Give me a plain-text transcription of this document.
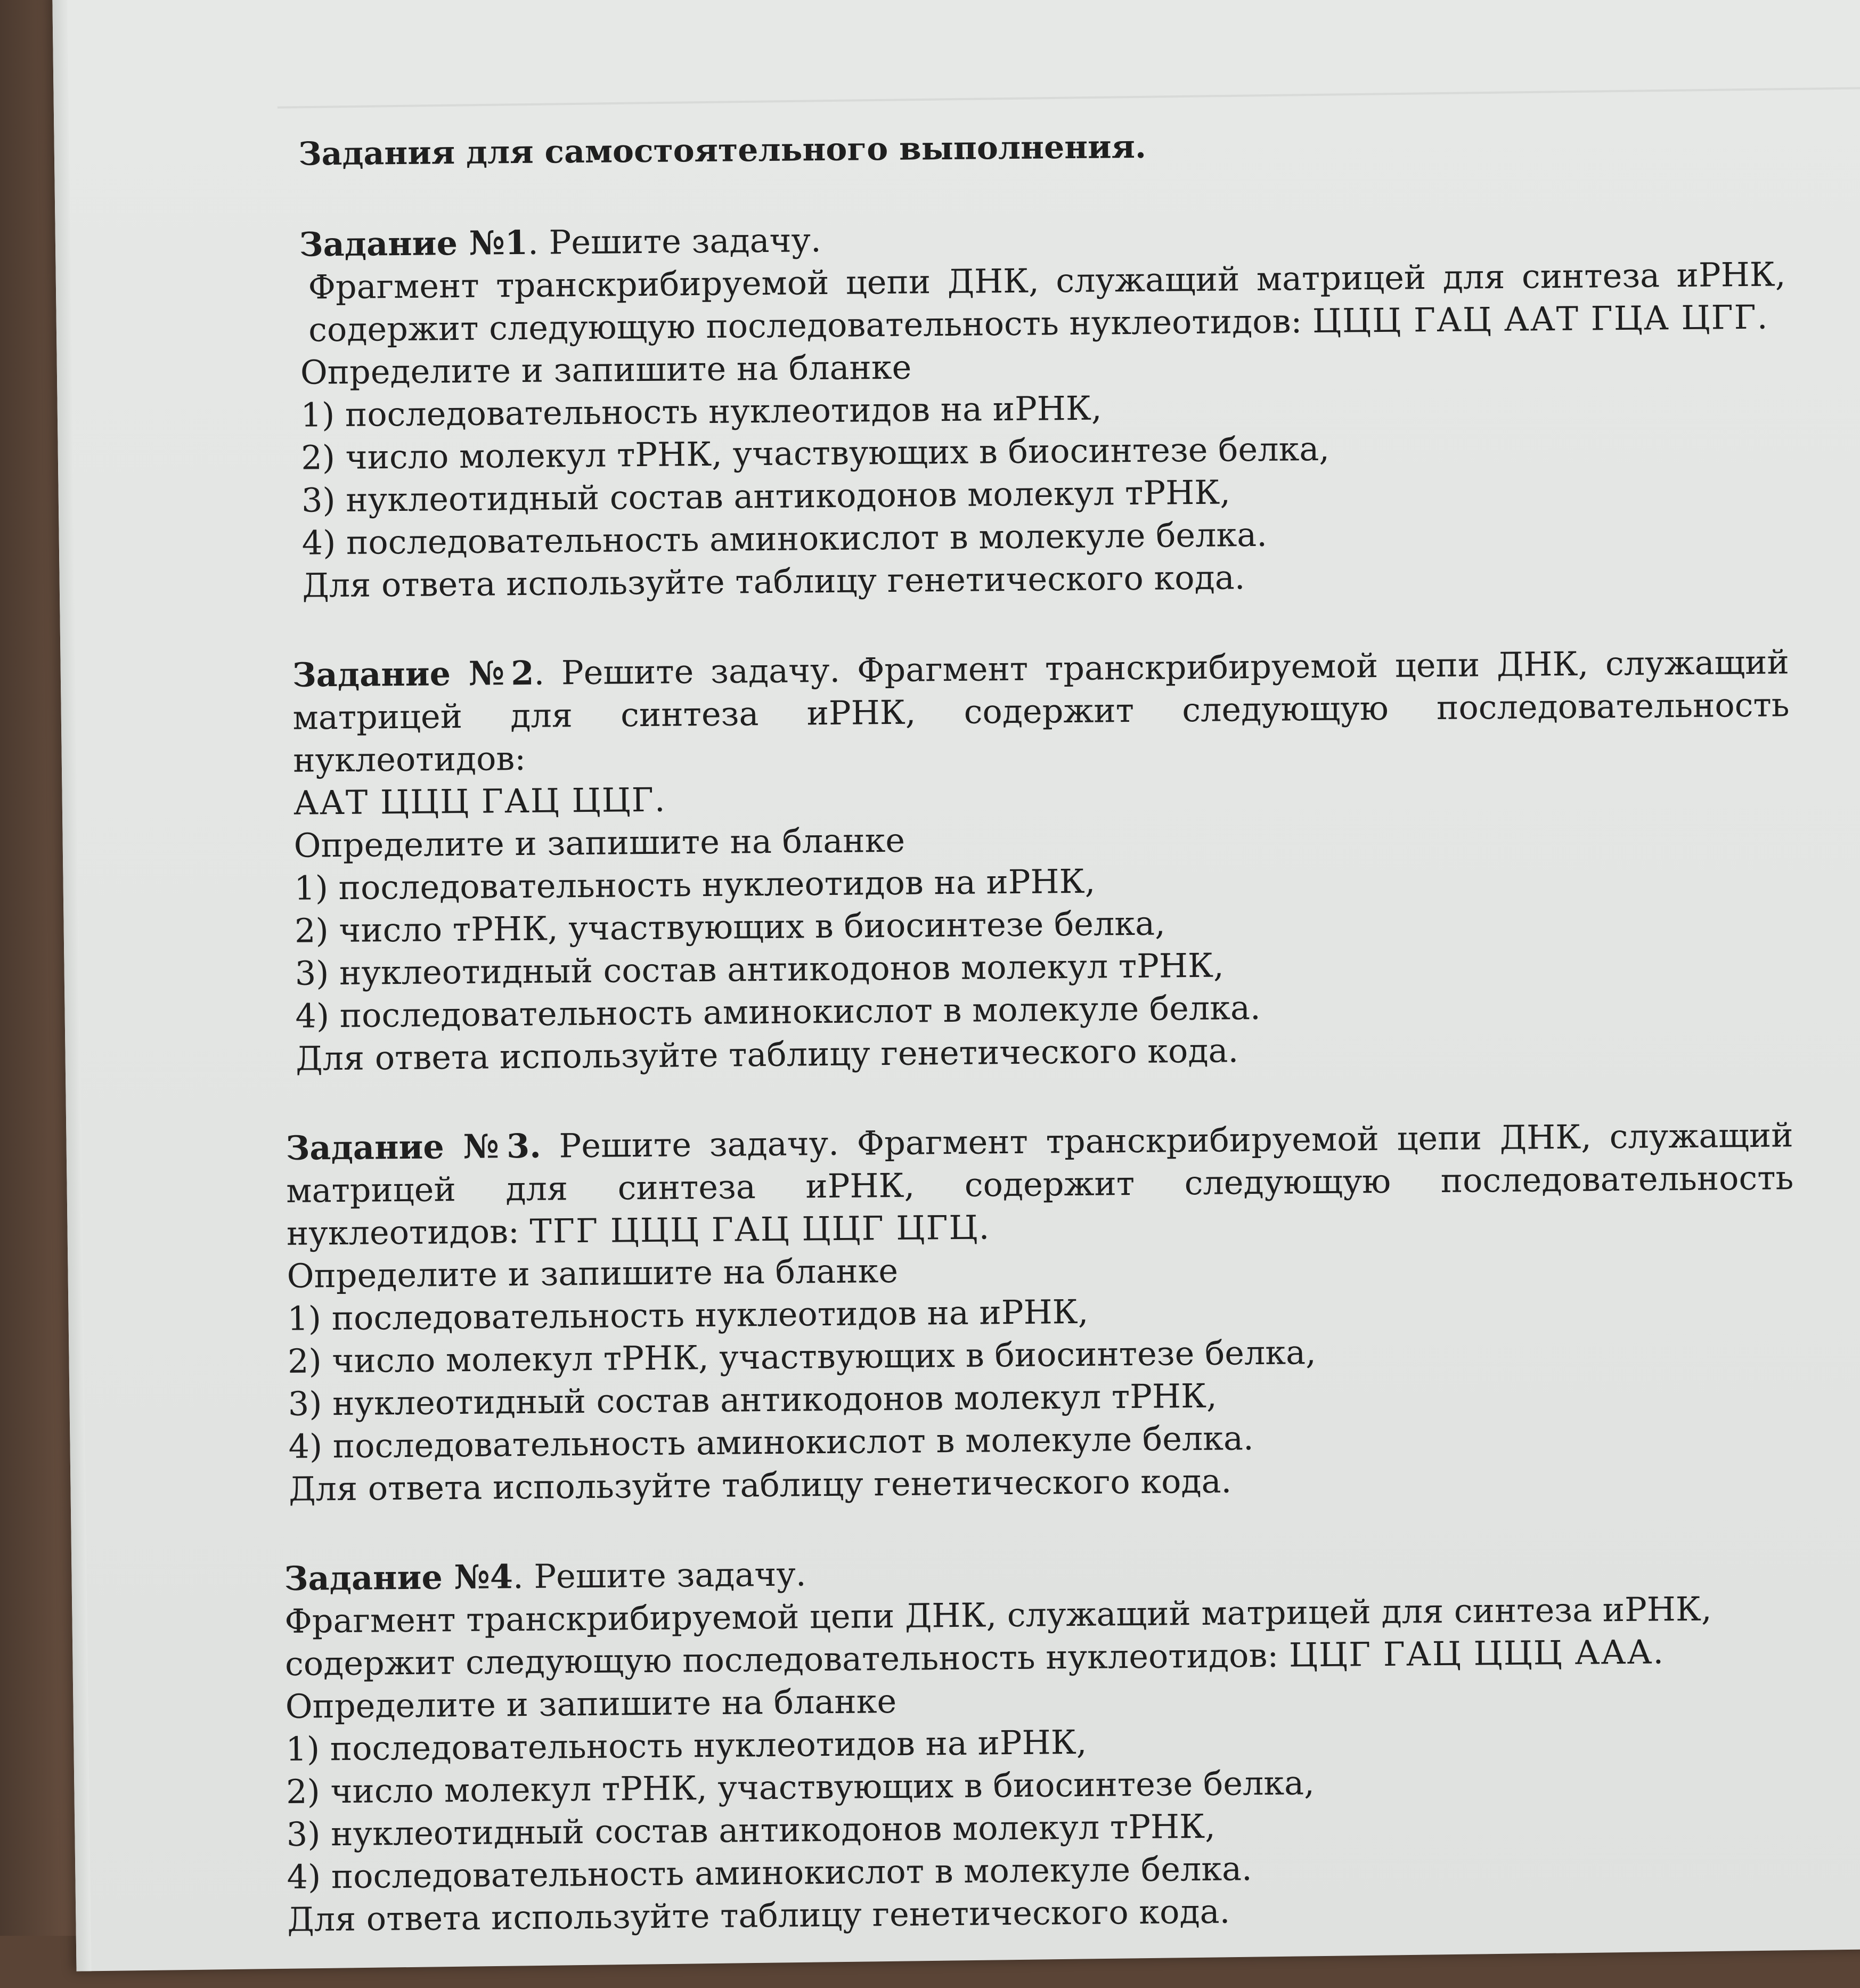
Задания для самостоятельного выполнения.
Задание №1. Решите задачу.
Фрагмент транскрибируемой цепи ДНК, служащий матрицей для синтеза иРНК, содержит следующую последовательность нуклеотидов: ЦЦЦ ГАЦ ААТ ГЦА ЦГГ.
Определите и запишите на бланке
1) последовательность нуклеотидов на иРНК,
2) число молекул тРНК, участвующих в биосинтезе белка,
3) нуклеотидный состав антикодонов молекул тРНК,
4) последовательность аминокислот в молекуле белка.
Для ответа используйте таблицу генетического кода.
Задание №2. Решите задачу. Фрагмент транскрибируемой цепи ДНК, служащий матрицей для синтеза иРНК, содержит следующую последовательность нуклеотидов:
ААТ ЦЦЦ ГАЦ ЦЦГ.
Определите и запишите на бланке
1) последовательность нуклеотидов на иРНК,
2) число тРНК, участвующих в биосинтезе белка,
3) нуклеотидный состав антикодонов молекул тРНК,
4) последовательность аминокислот в молекуле белка.
Для ответа используйте таблицу генетического кода.
Задание №3. Решите задачу. Фрагмент транскрибируемой цепи ДНК, служащий матрицей для синтеза иРНК, содержит следующую последовательность нуклеотидов: ТГГ ЦЦЦ ГАЦ ЦЦГ ЦГЦ.
Определите и запишите на бланке
1) последовательность нуклеотидов на иРНК,
2) число молекул тРНК, участвующих в биосинтезе белка,
3) нуклеотидный состав антикодонов молекул тРНК,
4) последовательность аминокислот в молекуле белка.
Для ответа используйте таблицу генетического кода.
Задание №4. Решите задачу.
Фрагмент транскрибируемой цепи ДНК, служащий матрицей для синтеза иРНК, содержит следующую последовательность нуклеотидов: ЦЦГ ГАЦ ЦЦЦ ААА.
Определите и запишите на бланке
1) последовательность нуклеотидов на иРНК,
2) число молекул тРНК, участвующих в биосинтезе белка,
3) нуклеотидный состав антикодонов молекул тРНК,
4) последовательность аминокислот в молекуле белка.
Для ответа используйте таблицу генетического кода.
